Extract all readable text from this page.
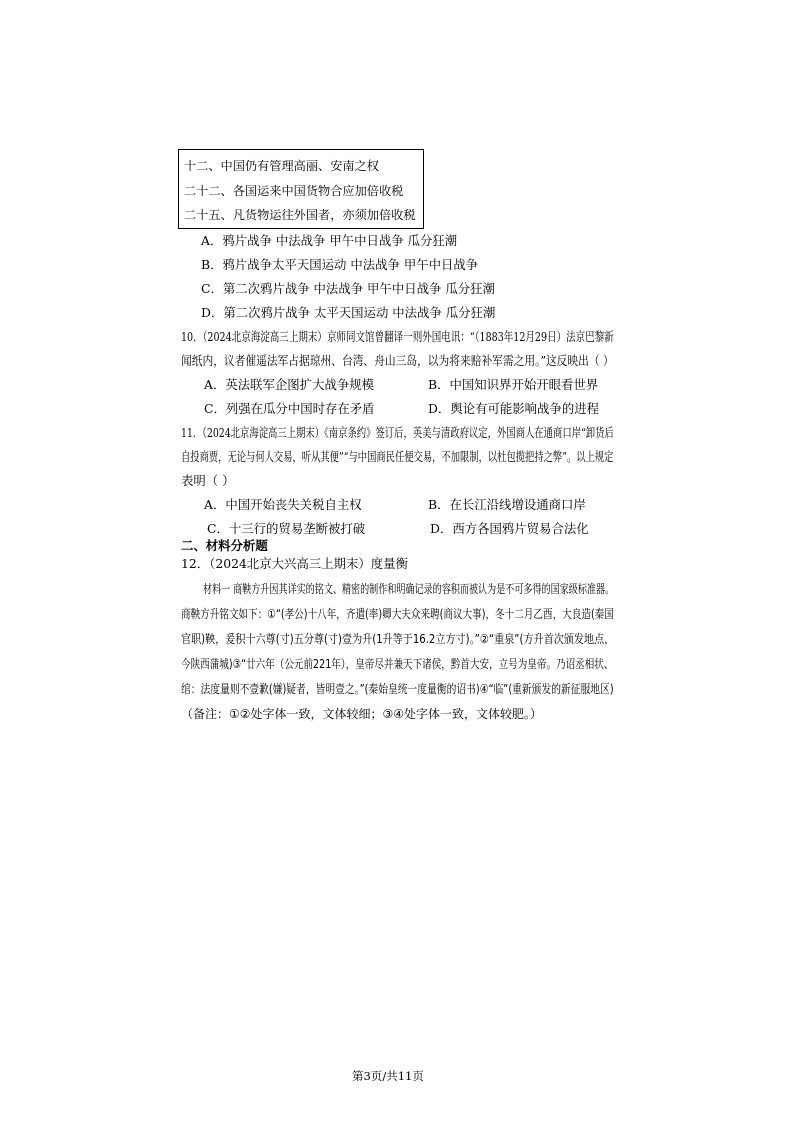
十二、中国仍有管理高丽、安南之权
二十二、各国运来中国货物合应加倍收税
二十五、凡货物运往外国者，亦须加倍收税
A．鸦片战争 中法战争 甲午中日战争 瓜分狂潮
B．鸦片战争太平天国运动 中法战争 甲午中日战争
C．第二次鸦片战争 中法战争 甲午中日战争 瓜分狂潮
D．第二次鸦片战争 太平天国运动 中法战争 瓜分狂潮
10．（2024北京海淀高三上期末）京师同文馆曾翻译一则外国电讯：“（1883年12月29日）法京巴黎新
闻纸内，议者催遥法军占据琼州、台湾、舟山三岛，以为将来赔补军需之用。”这反映出（ ）
A．英法联军企图扩大战争规模	B．中国知识界开始开眼看世界
C．列强在瓜分中国时存在矛盾	D．舆论有可能影响战争的进程
11．（2024北京海淀高三上期末）《南京条约》签订后，英美与清政府议定，外国商人在通商口岸“卸货后
自投商贾，无论与何人交易，听从其便”“与中国商民任便交易，不加限制，以杜包揽把持之弊”。以上规定
表明（ ）
A．中国开始丧失关税自主权	B．在长江沿线增设通商口岸
C．十三行的贸易垄断被打破	D．西方各国鸦片贸易合法化
二、材料分析题
12．（2024北京大兴高三上期末）度量衡
材料一 商鞅方升因其详实的铭文、精密的制作和明确记录的容积而被认为是不可多得的国家级标准器。
商鞅方升铭文如下：①“(孝公)十八年，齐遣(率)卿大夫众来聘(商议大事)，冬十二月乙酉，大良造(秦国
官职)鞅，爰积十六尊(寸)五分尊(寸)壹为升(1升等于16.2立方寸)。”②“重泉”(方升首次颁发地点，
今陕西蒲城)③“廿六年（公元前221年），皇帝尽并兼天下诸侯，黔首大安，立号为皇帝。乃诏丞相状、
绾：法度量则不壹歉(嫌)疑者，皆明壹之。”(秦始皇统一度量衡的诏书)④“临”(重新颁发的新征服地区)
（备注：①②处字体一致，文体较细；③④处字体一致，文体较肥。）
第3页/共11页
